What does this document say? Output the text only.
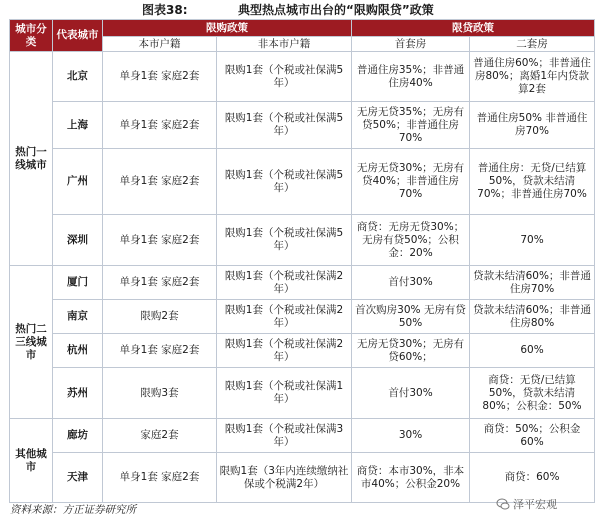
图表38:	典型热点城市出台的“限购限贷”政策
城市分类	代表城市	限购政策		限贷政策	
		本市户籍	非本市户籍	首套房	二套房
热门一线城市	北京	单身1套 家庭2套	限购1套（个税或社保满5年）	普通住房35%；非普通住房40%	普通住房60%；非普通住房80%；离婚1年内贷款算2套
	上海	单身1套 家庭2套	限购1套（个税或社保满5年）	无房无贷35%；无房有贷50%；非普通住房70%	普通住房50% 非普通住房70%
	广州	单身1套 家庭2套	限购1套（个税或社保满5年）	无房无贷30%；无房有贷40%；非普通住房70%	普通住房：无贷/已结算50%，贷款未结清70%；非普通住房70%
	深圳	单身1套 家庭2套	限购1套（个税或社保满5年）	商贷：无房无贷30%；无房有贷50%；公积金：20%	70%
热门二三线城市	厦门	单身1套 家庭2套	限购1套（个税或社保满2年）	首付30%	贷款未结清60%；非普通住房70%
	南京	限购2套	限购1套（个税或社保满2年）	首次购房30% 无房有贷50%	贷款未结清60%；非普通住房80%
	杭州	单身1套 家庭2套	限购1套（个税或社保满2年）	无房无贷30%；无房有贷60%；	60%
	苏州	限购3套	限购1套（个税或社保满1年）	首付30%	商贷：无贷/已结算50%，贷款未结清80%；公积金：50%
其他城市	廊坊	家庭2套	限购1套（个税或社保满3年）	30%	商贷：50%；公积金60%
	天津	单身1套 家庭2套	限购1套（3年内连续缴纳社保或个税满2年）	商贷：本市30%，非本市40%；公积金20%	商贷：60%
资料来源：方正证券研究所	泽平宏观
